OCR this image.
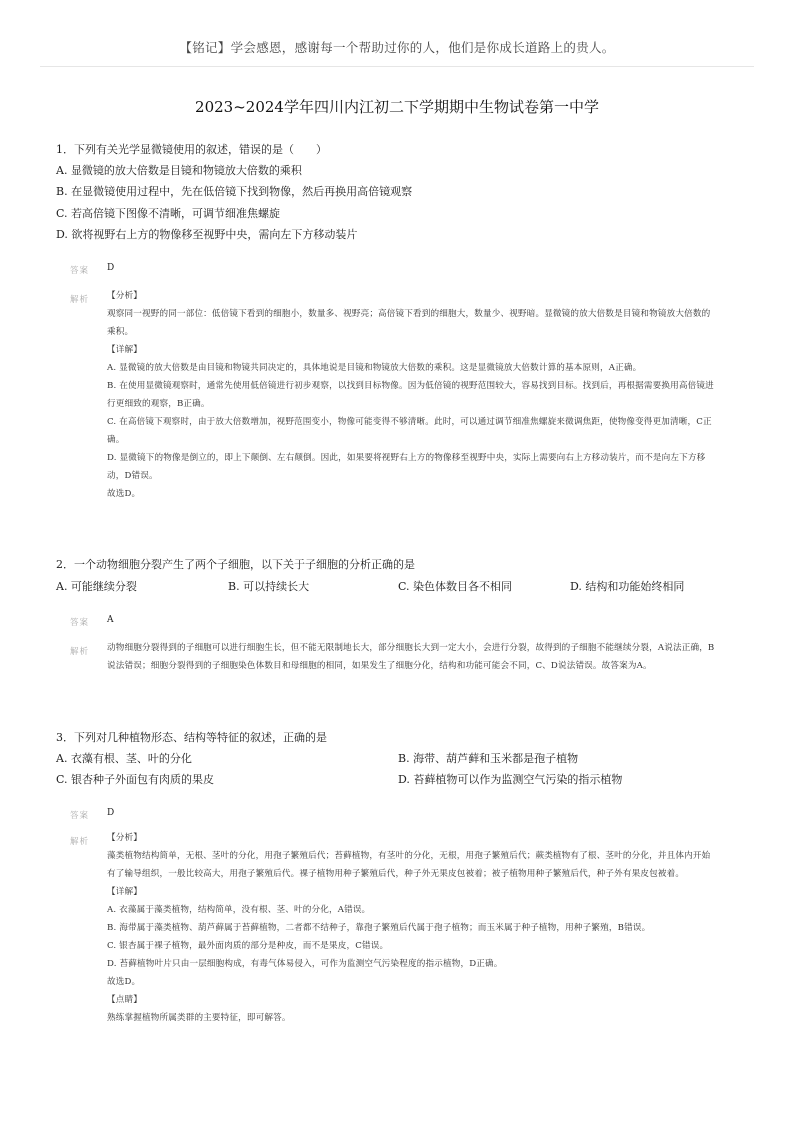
【铭记】学会感恩，感谢每一个帮助过你的人，他们是你成长道路上的贵人。
2023~2024学年四川内江初二下学期期中生物试卷第一中学
1．下列有关光学显微镜使用的叙述，错误的是（　　）
A. 显微镜的放大倍数是目镜和物镜放大倍数的乘积
B. 在显微镜使用过程中，先在低倍镜下找到物像，然后再换用高倍镜观察
C. 若高倍镜下图像不清晰，可调节细准焦螺旋
D. 欲将视野右上方的物像移至视野中央，需向左下方移动装片
答案 D
解析 【分析】

观察同一视野的同一部位：低倍镜下看到的细胞小，数量多、视野亮；高倍镜下看到的细胞大，数量少、视野暗。显微镜的放大倍数是目镜和物镜放大倍数的乘积。

【详解】

A. 显微镜的放大倍数是由目镜和物镜共同决定的，具体地说是目镜和物镜放大倍数的乘积。这是显微镜放大倍数计算的基本原则，A正确。

B. 在使用显微镜观察时，通常先使用低倍镜进行初步观察，以找到目标物像。因为低倍镜的视野范围较大，容易找到目标。找到后，再根据需要换用高倍镜进行更细致的观察，B正确。

C. 在高倍镜下观察时，由于放大倍数增加，视野范围变小，物像可能变得不够清晰。此时，可以通过调节细准焦螺旋来微调焦距，使物像变得更加清晰，C正确。

D. 显微镜下的物像是倒立的，即上下颠倒、左右颠倒。因此，如果要将视野右上方的物像移至视野中央，实际上需要向右上方移动装片，而不是向左下方移动，D错误。

故选D。

2．一个动物细胞分裂产生了两个子细胞，以下关于子细胞的分析正确的是
A. 可能继续分裂	B. 可以持续长大	C. 染色体数目各不相同	D. 结构和功能始终相同
答案 A
解析 动物细胞分裂得到的子细胞可以进行细胞生长，但不能无限制地长大，部分细胞长大到一定大小，会进行分裂，故得到的子细胞不能继续分裂，A说法正确，B说法错误；细胞分裂得到的子细胞染色体数目和母细胞的相同，如果发生了细胞分化，结构和功能可能会不同，C、D说法错误。故答案为A。

3．下列对几种植物形态、结构等特征的叙述，正确的是
A. 衣藻有根、茎、叶的分化	B. 海带、葫芦藓和玉米都是孢子植物
C. 银杏种子外面包有肉质的果皮	D. 苔藓植物可以作为监测空气污染的指示植物
答案 D
解析 【分析】

藻类植物结构简单，无根、茎叶的分化，用孢子繁殖后代；苔藓植物，有茎叶的分化，无根，用孢子繁殖后代；蕨类植物有了根、茎叶的分化，并且体内开始有了输导组织，一般比较高大，用孢子繁殖后代。裸子植物用种子繁殖后代，种子外无果皮包被着；被子植物用种子繁殖后代，种子外有果皮包被着。

【详解】

A. 衣藻属于藻类植物，结构简单，没有根、茎、叶的分化，A错误。

B. 海带属于藻类植物、葫芦藓属于苔藓植物，二者都不结种子，靠孢子繁殖后代属于孢子植物；而玉米属于种子植物，用种子繁殖，B错误。

C. 银杏属于裸子植物，最外面肉质的部分是种皮，而不是果皮，C错误。

D. 苔藓植物叶片只由一层细胞构成，有毒气体易侵入，可作为监测空气污染程度的指示植物，D正确。

故选D。

【点睛】

熟练掌握植物所属类群的主要特征，即可解答。
